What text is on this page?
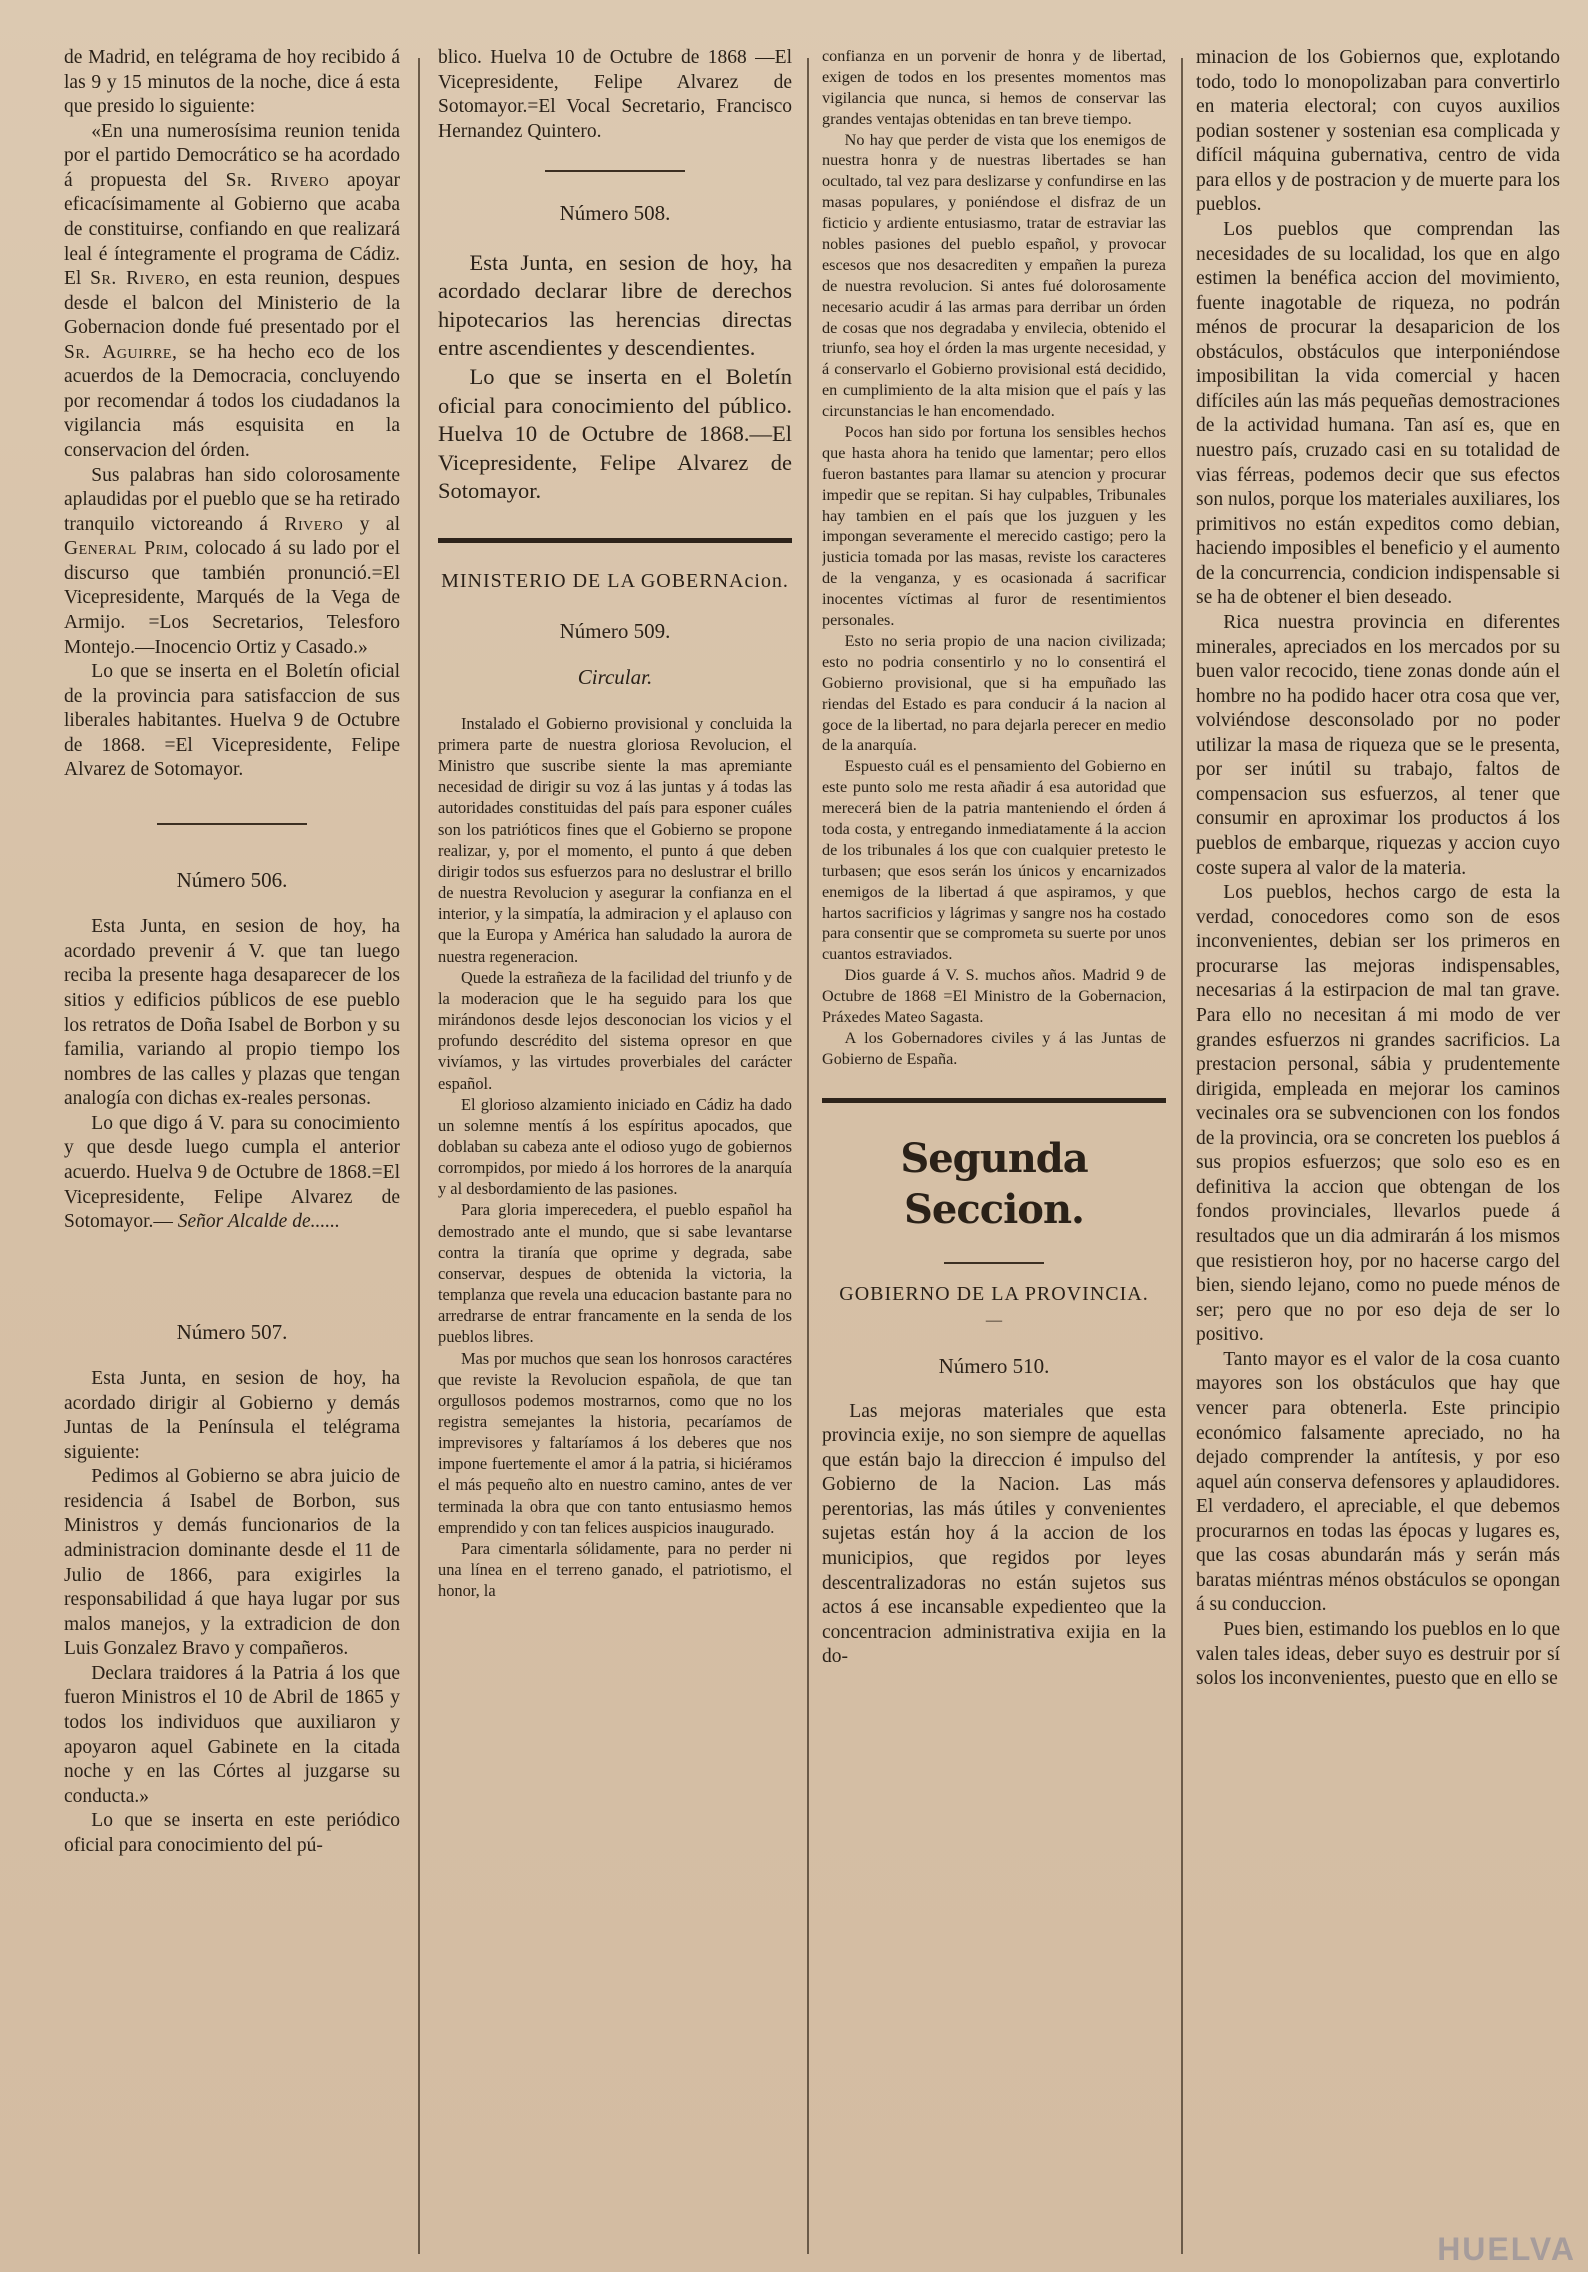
de Madrid, en telégrama de hoy recibido á las 9 y 15 minutos de la noche, dice á esta que presido lo siguiente:

«En una numerosísima reunion tenida por el partido Democrático se ha acordado á propuesta del Sr. Rivero apoyar eficacísimamente al Gobierno que acaba de constituirse, confiando en que realizará leal é íntegramente el programa de Cádiz. El Sr. Rivero, en esta reunion, despues desde el balcon del Ministerio de la Gobernacion donde fué presentado por el Sr. Aguirre, se ha hecho eco de los acuerdos de la Democracia, concluyendo por recomendar á todos los ciudadanos la vigilancia más esquisita en la conservacion del órden.

Sus palabras han sido colorosamente aplaudidas por el pueblo que se ha retirado tranquilo victoreando á Rivero y al General Prim, colocado á su lado por el discurso que también pronunció.=El Vicepresidente, Marqués de la Vega de Armijo. =Los Secretarios, Telesforo Montejo.—Inocencio Ortiz y Casado.»

Lo que se inserta en el Boletín oficial de la provincia para satisfaccion de sus liberales habitantes. Huelva 9 de Octubre de 1868. =El Vicepresidente, Felipe Alvarez de Sotomayor.

Número 506.

Esta Junta, en sesion de hoy, ha acordado prevenir á V. que tan luego reciba la presente haga desaparecer de los sitios y edificios públicos de ese pueblo los retratos de Doña Isabel de Borbon y su familia, variando al propio tiempo los nombres de las calles y plazas que tengan analogía con dichas ex-reales personas.

Lo que digo á V. para su conocimiento y que desde luego cumpla el anterior acuerdo. Huelva 9 de Octubre de 1868.=El Vicepresidente, Felipe Alvarez de Sotomayor.— Señor Alcalde de......

Número 507.

Esta Junta, en sesion de hoy, ha acordado dirigir al Gobierno y demás Juntas de la Península el telégrama siguiente:

Pedimos al Gobierno se abra juicio de residencia á Isabel de Borbon, sus Ministros y demás funcionarios de la administracion dominante desde el 11 de Julio de 1866, para exigirles la responsabilidad á que haya lugar por sus malos manejos, y la extradicion de don Luis Gonzalez Bravo y compañeros.

Declara traidores á la Patria á los que fueron Ministros el 10 de Abril de 1865 y todos los individuos que auxiliaron y apoyaron aquel Gabinete en la citada noche y en las Córtes al juzgarse su conducta.»

Lo que se inserta en este periódico oficial para conocimiento del pú-

blico. Huelva 10 de Octubre de 1868 —El Vicepresidente, Felipe Alvarez de Sotomayor.=El Vocal Secretario, Francisco Hernandez Quintero.

Número 508.

Esta Junta, en sesion de hoy, ha acordado declarar libre de derechos hipotecarios las herencias directas entre ascendientes y descendientes.

Lo que se inserta en el Boletín oficial para conocimiento del público. Huelva 10 de Octubre de 1868.—El Vicepresidente, Felipe Alvarez de Sotomayor.

MINISTERIO DE LA GOBERNAcion.
Número 509.
Circular.

Instalado el Gobierno provisional y concluida la primera parte de nuestra gloriosa Revolucion, el Ministro que suscribe siente la mas apremiante necesidad de dirigir su voz á las juntas y á todas las autoridades constituidas del país para esponer cuáles son los patrióticos fines que el Gobierno se propone realizar, y, por el momento, el punto á que deben dirigir todos sus esfuerzos para no deslustrar el brillo de nuestra Revolucion y asegurar la confianza en el interior, y la simpatía, la admiracion y el aplauso con que la Europa y América han saludado la aurora de nuestra regeneracion.

Quede la estrañeza de la facilidad del triunfo y de la moderacion que le ha seguido para los que mirándonos desde lejos desconocian los vicios y el profundo descrédito del sistema opresor en que vivíamos, y las virtudes proverbiales del carácter español.

El glorioso alzamiento iniciado en Cádiz ha dado un solemne mentís á los espíritus apocados, que doblaban su cabeza ante el odioso yugo de gobiernos corrompidos, por miedo á los horrores de la anarquía y al desbordamiento de las pasiones.

Para gloria imperecedera, el pueblo español ha demostrado ante el mundo, que si sabe levantarse contra la tiranía que oprime y degrada, sabe conservar, despues de obtenida la victoria, la templanza que revela una educacion bastante para no arredrarse de entrar francamente en la senda de los pueblos libres.

Mas por muchos que sean los honrosos caractéres que reviste la Revolucion española, de que tan orgullosos podemos mostrarnos, como que no los registra semejantes la historia, pecaríamos de imprevisores y faltaríamos á los deberes que nos impone fuertemente el amor á la patria, si hiciéramos el más pequeño alto en nuestro camino, antes de ver terminada la obra que con tanto entusiasmo hemos emprendido y con tan felices auspicios inaugurado.

Para cimentarla sólidamente, para no perder ni una línea en el terreno ganado, el patriotismo, el honor, la

confianza en un porvenir de honra y de libertad, exigen de todos en los presentes momentos mas vigilancia que nunca, si hemos de conservar las grandes ventajas obtenidas en tan breve tiempo.

No hay que perder de vista que los enemigos de nuestra honra y de nuestras libertades se han ocultado, tal vez para deslizarse y confundirse en las masas populares, y poniéndose el disfraz de un ficticio y ardiente entusiasmo, tratar de estraviar las nobles pasiones del pueblo español, y provocar escesos que nos desacrediten y empañen la pureza de nuestra revolucion. Si antes fué dolorosamente necesario acudir á las armas para derribar un órden de cosas que nos degradaba y envilecia, obtenido el triunfo, sea hoy el órden la mas urgente necesidad, y á conservarlo el Gobierno provisional está decidido, en cumplimiento de la alta mision que el país y las circunstancias le han encomendado.

Pocos han sido por fortuna los sensibles hechos que hasta ahora ha tenido que lamentar; pero ellos fueron bastantes para llamar su atencion y procurar impedir que se repitan. Si hay culpables, Tribunales hay tambien en el país que los juzguen y les impongan severamente el merecido castigo; pero la justicia tomada por las masas, reviste los caracteres de la venganza, y es ocasionada á sacrificar inocentes víctimas al furor de resentimientos personales.

Esto no seria propio de una nacion civilizada; esto no podria consentirlo y no lo consentirá el Gobierno provisional, que si ha empuñado las riendas del Estado es para conducir á la nacion al goce de la libertad, no para dejarla perecer en medio de la anarquía.

Espuesto cuál es el pensamiento del Gobierno en este punto solo me resta añadir á esa autoridad que merecerá bien de la patria manteniendo el órden á toda costa, y entregando inmediatamente á la accion de los tribunales á los que con cualquier pretesto le turbasen; que esos serán los únicos y encarnizados enemigos de la libertad á que aspiramos, y que hartos sacrificios y lágrimas y sangre nos ha costado para consentir que se comprometa su suerte por unos cuantos estraviados.

Dios guarde á V. S. muchos años. Madrid 9 de Octubre de 1868 =El Ministro de la Gobernacion, Práxedes Mateo Sagasta.

A los Gobernadores civiles y á las Juntas de Gobierno de España.

Segunda Seccion.
GOBIERNO DE LA PROVINCIA.
—
Número 510.

Las mejoras materiales que esta provincia exije, no son siempre de aquellas que están bajo la direccion é impulso del Gobierno de la Nacion. Las más perentorias, las más útiles y convenientes sujetas están hoy á la accion de los municipios, que regidos por leyes descentralizadoras no están sujetos sus actos á ese incansable expedienteo que la concentracion administrativa exijia en la do-

minacion de los Gobiernos que, explotando todo, todo lo monopolizaban para convertirlo en materia electoral; con cuyos auxilios podian sostener y sostenian esa complicada y difícil máquina gubernativa, centro de vida para ellos y de postracion y de muerte para los pueblos.

Los pueblos que comprendan las necesidades de su localidad, los que en algo estimen la benéfica accion del movimiento, fuente inagotable de riqueza, no podrán ménos de procurar la desaparicion de los obstáculos, obstáculos que interponiéndose imposibilitan la vida comercial y hacen difíciles aún las más pequeñas demostraciones de la actividad humana. Tan así es, que en nuestro país, cruzado casi en su totalidad de vias férreas, podemos decir que sus efectos son nulos, porque los materiales auxiliares, los primitivos no están expeditos como debian, haciendo imposibles el beneficio y el aumento de la concurrencia, condicion indispensable si se ha de obtener el bien deseado.

Rica nuestra provincia en diferentes minerales, apreciados en los mercados por su buen valor recocido, tiene zonas donde aún el hombre no ha podido hacer otra cosa que ver, volviéndose desconsolado por no poder utilizar la masa de riqueza que se le presenta, por ser inútil su trabajo, faltos de compensacion sus esfuerzos, al tener que consumir en aproximar los productos á los pueblos de embarque, riquezas y accion cuyo coste supera al valor de la materia.

Los pueblos, hechos cargo de esta la verdad, conocedores como son de esos inconvenientes, debian ser los primeros en procurarse las mejoras indispensables, necesarias á la estirpacion de mal tan grave. Para ello no necesitan á mi modo de ver grandes esfuerzos ni grandes sacrificios. La prestacion personal, sábia y prudentemente dirigida, empleada en mejorar los caminos vecinales ora se subvencionen con los fondos de la provincia, ora se concreten los pueblos á sus propios esfuerzos; que solo eso es en definitiva la accion que obtengan de los fondos provinciales, llevarlos puede á resultados que un dia admirarán á los mismos que resistieron hoy, por no hacerse cargo del bien, siendo lejano, como no puede ménos de ser; pero que no por eso deja de ser lo positivo.

Tanto mayor es el valor de la cosa cuanto mayores son los obstáculos que hay que vencer para obtenerla. Este principio económico falsamente apreciado, no ha dejado comprender la antítesis, y por eso aquel aún conserva defensores y aplaudidores. El verdadero, el apreciable, el que debemos procurarnos en todas las épocas y lugares es, que las cosas abundarán más y serán más baratas miéntras ménos obstáculos se opongan á su conduccion.

Pues bien, estimando los pueblos en lo que valen tales ideas, deber suyo es destruir por sí solos los inconvenientes, puesto que en ello se

HUELVA
